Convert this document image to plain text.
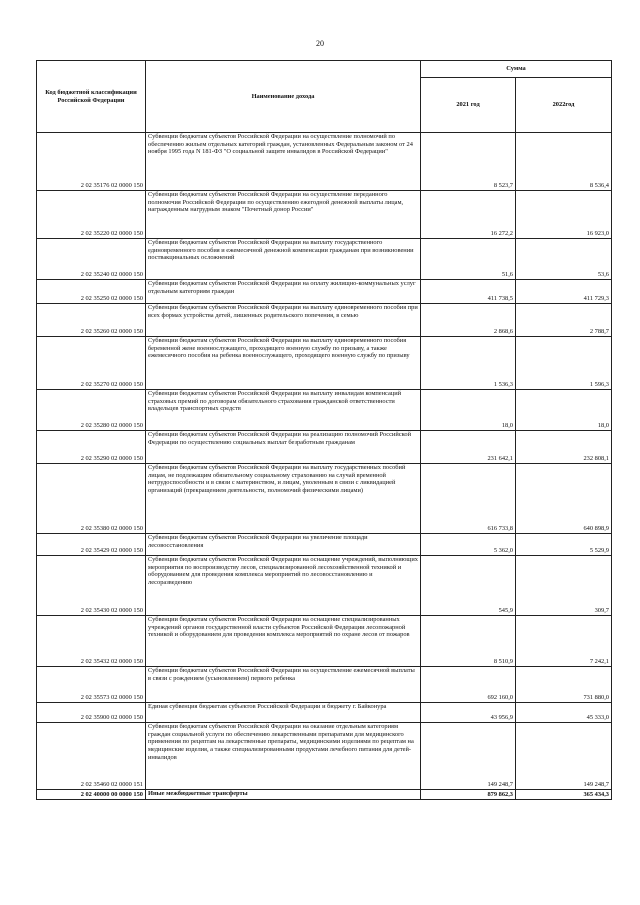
20
Код бюджетной классификации Российской Федерации	Наименование дохода	Сумма	
		2021 год	2022год
2 02 35176 02 0000 150	Субвенции бюджетам субъектов Российской Федерации на осуществление полномочий по обеспечению жильем отдельных категорий граждан, установленных Федеральным законом от 24 ноября 1995 года N 181-ФЗ "О социальной защите инвалидов в Российской Федерации"	8 523,7	8 536,4
2 02 35220 02 0000 150	Субвенции бюджетам субъектов Российской Федерации на осуществление переданного полномочия Российской Федерации по осуществлению ежегодной денежной выплаты лицам, награжденным нагрудным знаком "Почетный донор России"	16 272,2	16 923,0
2 02 35240 02 0000 150	Субвенции бюджетам субъектов Российской Федерации на выплату государственного единовременного пособия и ежемесячной денежной компенсации гражданам при возникновении поствакцинальных осложнений	51,6	53,6
2 02 35250 02 0000 150	Субвенции бюджетам субъектов Российской Федерации на оплату жилищно-коммунальных услуг отдельным категориям граждан	411 738,5	411 729,3
2 02 35260 02 0000 150	Субвенции бюджетам субъектов Российской Федерации на выплату единовременного пособия при всех формах устройства детей, лишенных родительского попечения, в семью	2 868,6	2 788,7
2 02 35270 02 0000 150	Субвенции бюджетам субъектов Российской Федерации на выплату единовременного пособия беременной жене военнослужащего, проходящего военную службу по призыву, а также ежемесячного пособия на ребенка военнослужащего, проходящего военную службу по призыву	1 536,3	1 596,3
2 02 35280 02 0000 150	Субвенции бюджетам субъектов Российской Федерации на выплату инвалидам компенсаций страховых премий по договорам обязательного страхования гражданской ответственности владельцев транспортных средств	18,0	18,0
2 02 35290 02 0000 150	Субвенции бюджетам субъектов Российской Федерации на реализацию полномочий Российской Федерации по осуществлению социальных выплат безработным гражданам	231 642,1	232 808,1
2 02 35380 02 0000 150	Субвенции бюджетам субъектов Российской Федерации на выплату государственных пособий лицам, не подлежащим обязательному социальному страхованию на случай временной нетрудоспособности и в связи с материнством, и лицам, уволенным в связи с ликвидацией организаций (прекращением деятельности, полномочий физическими лицами)	616 733,8	640 898,9
2 02 35429 02 0000 150	Субвенции бюджетам субъектов Российской Федерации на увеличение площади лесовосстановления	5 362,0	5 529,9
2 02 35430 02 0000 150	Субвенции бюджетам субъектов Российской Федерации на оснащение учреждений, выполняющих мероприятия по воспроизводству лесов, специализированной лесохозяйственной техникой и оборудованием для проведения комплекса мероприятий по лесовосстановлению и лесоразведению	545,9	309,7
2 02 35432 02 0000 150	Субвенции бюджетам субъектов Российской Федерации на оснащение специализированных учреждений органов государственной власти субъектов Российской Федерации лесопожарной техникой и оборудованием для проведения комплекса мероприятий по охране лесов от пожаров	8 510,9	7 242,1
2 02 35573 02 0000 150	Субвенции бюджетам субъектов Российской Федерации на осуществление ежемесячной выплаты в связи с рождением (усыновлением) первого ребенка	692 160,0	731 880,0
2 02 35900 02 0000 150	Единая субвенция бюджетам субъектов Российской Федерации и бюджету г. Байконура	43 956,9	45 333,0
2 02 35460 02 0000 151	Субвенции бюджетам субъектов Российской Федерации на оказание отдельным категориям граждан социальной услуги по обеспечению лекарственными препаратами для медицинского применения по рецептам на лекарственные препараты, медицинскими изделиями по рецептам на медицинские изделия, а также специализированными продуктами лечебного питания для детей-инвалидов	149 248,7	149 248,7
2 02 40000 00 0000 150	Иные межбюджетные трансферты	879 862,3	365 434,3
